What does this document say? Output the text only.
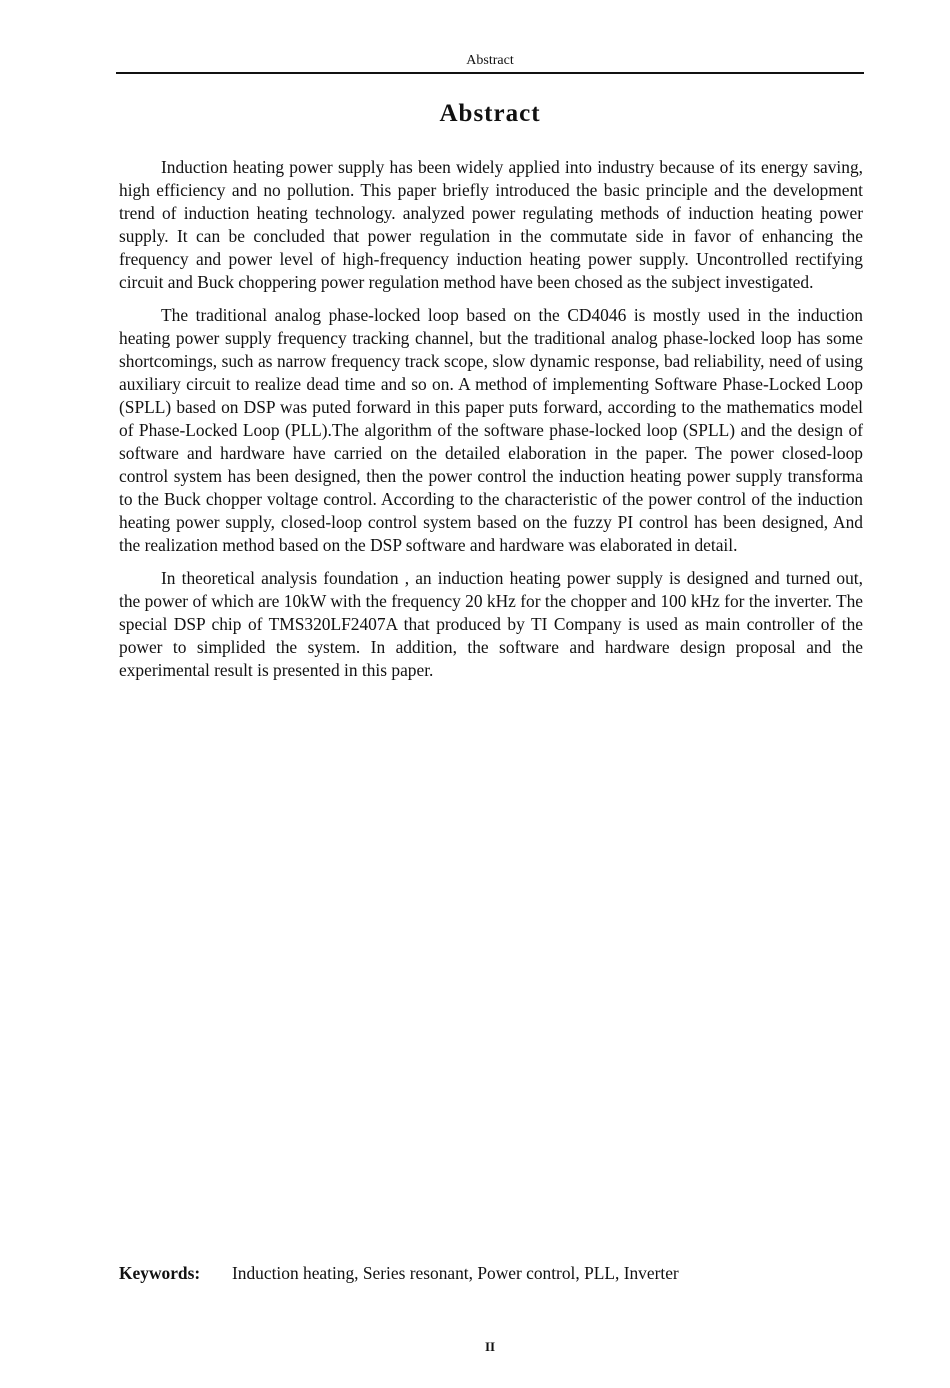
Abstract
Abstract

Induction heating power supply has been widely applied into industry because of its energy saving, high efficiency and no pollution. This paper briefly introduced the basic principle and the development trend of induction heating technology. analyzed power regulating methods of induction heating power supply. It can be concluded that power regulation in the commutate side in favor of enhancing the frequency and power level of high-frequency induction heating power supply. Uncontrolled rectifying circuit and Buck choppering power regulation method have been chosed as the subject investigated.

The traditional analog phase-locked loop based on the CD4046 is mostly used in the induction heating power supply frequency tracking channel, but the traditional analog phase-locked loop has some shortcomings, such as narrow frequency track scope, slow dynamic response, bad reliability, need of using auxiliary circuit to realize dead time and so on. A method of implementing Software Phase-Locked Loop (SPLL) based on DSP was puted forward in this paper puts forward, according to the mathematics model of Phase-Locked Loop (PLL).The algorithm of the software phase-locked loop (SPLL) and the design of software and hardware have carried on the detailed elaboration in the paper. The power closed-loop control system has been designed, then the power control the induction heating power supply transforma to the Buck chopper voltage control. According to the characteristic of the power control of the induction heating power supply, closed-loop control system based on the fuzzy PI control has been designed, And the realization method based on the DSP software and hardware was elaborated in detail.

In theoretical analysis foundation , an induction heating power supply is designed and turned out, the power of which are 10kW with the frequency 20 kHz for the chopper and 100 kHz for the inverter. The special DSP chip of TMS320LF2407A that produced by TI Company is used as main controller of the power to simplided the system. In addition, the software and hardware design proposal and the experimental result is presented in this paper.

Keywords: Induction heating, Series resonant, Power control, PLL, Inverter
II
